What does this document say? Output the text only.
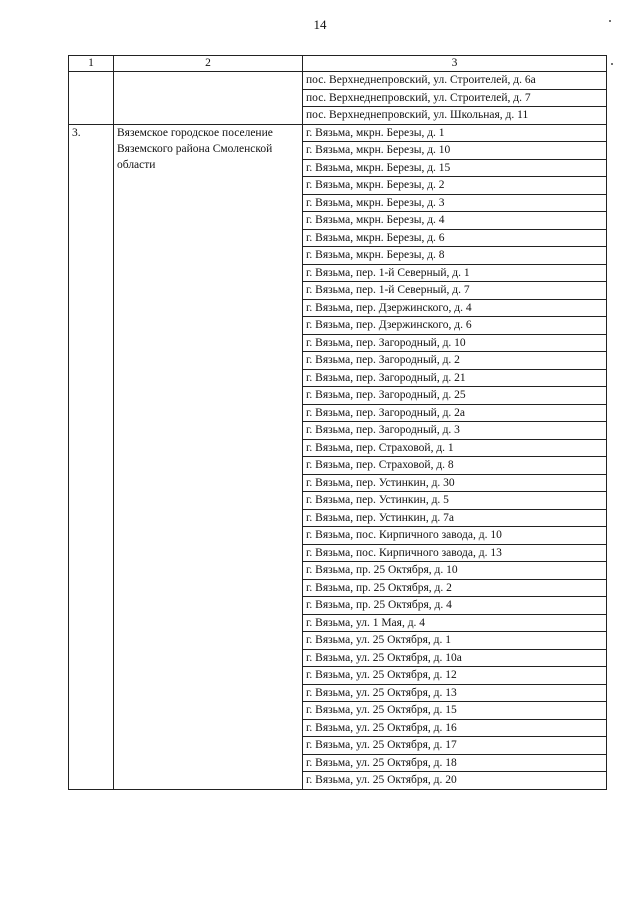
14
1	2	3
		пос. Верхнеднепровский, ул. Строителей, д. 6а
		пос. Верхнеднепровский, ул. Строителей, д. 7
		пос. Верхнеднепровский, ул. Школьная, д. 11
3.	Вяземское городское поселение Вяземского района Смоленской области	г. Вязьма, мкрн. Березы, д. 1
		г. Вязьма, мкрн. Березы, д. 10
		г. Вязьма, мкрн. Березы, д. 15
		г. Вязьма, мкрн. Березы, д. 2
		г. Вязьма, мкрн. Березы, д. 3
		г. Вязьма, мкрн. Березы, д. 4
		г. Вязьма, мкрн. Березы, д. 6
		г. Вязьма, мкрн. Березы, д. 8
		г. Вязьма, пер. 1-й Северный, д. 1
		г. Вязьма, пер. 1-й Северный, д. 7
		г. Вязьма, пер. Дзержинского, д. 4
		г. Вязьма, пер. Дзержинского, д. 6
		г. Вязьма, пер. Загородный, д. 10
		г. Вязьма, пер. Загородный, д. 2
		г. Вязьма, пер. Загородный, д. 21
		г. Вязьма, пер. Загородный, д. 25
		г. Вязьма, пер. Загородный, д. 2а
		г. Вязьма, пер. Загородный, д. 3
		г. Вязьма, пер. Страховой, д. 1
		г. Вязьма, пер. Страховой, д. 8
		г. Вязьма, пер. Устинкин, д. 30
		г. Вязьма, пер. Устинкин, д. 5
		г. Вязьма, пер. Устинкин, д. 7а
		г. Вязьма, пос. Кирпичного завода, д. 10
		г. Вязьма, пос. Кирпичного завода, д. 13
		г. Вязьма, пр. 25 Октября, д. 10
		г. Вязьма, пр. 25 Октября, д. 2
		г. Вязьма, пр. 25 Октября, д. 4
		г. Вязьма, ул. 1 Мая, д. 4
		г. Вязьма, ул. 25 Октября, д. 1
		г. Вязьма, ул. 25 Октября, д. 10а
		г. Вязьма, ул. 25 Октября, д. 12
		г. Вязьма, ул. 25 Октября, д. 13
		г. Вязьма, ул. 25 Октября, д. 15
		г. Вязьма, ул. 25 Октября, д. 16
		г. Вязьма, ул. 25 Октября, д. 17
		г. Вязьма, ул. 25 Октября, д. 18
		г. Вязьма, ул. 25 Октября, д. 20
